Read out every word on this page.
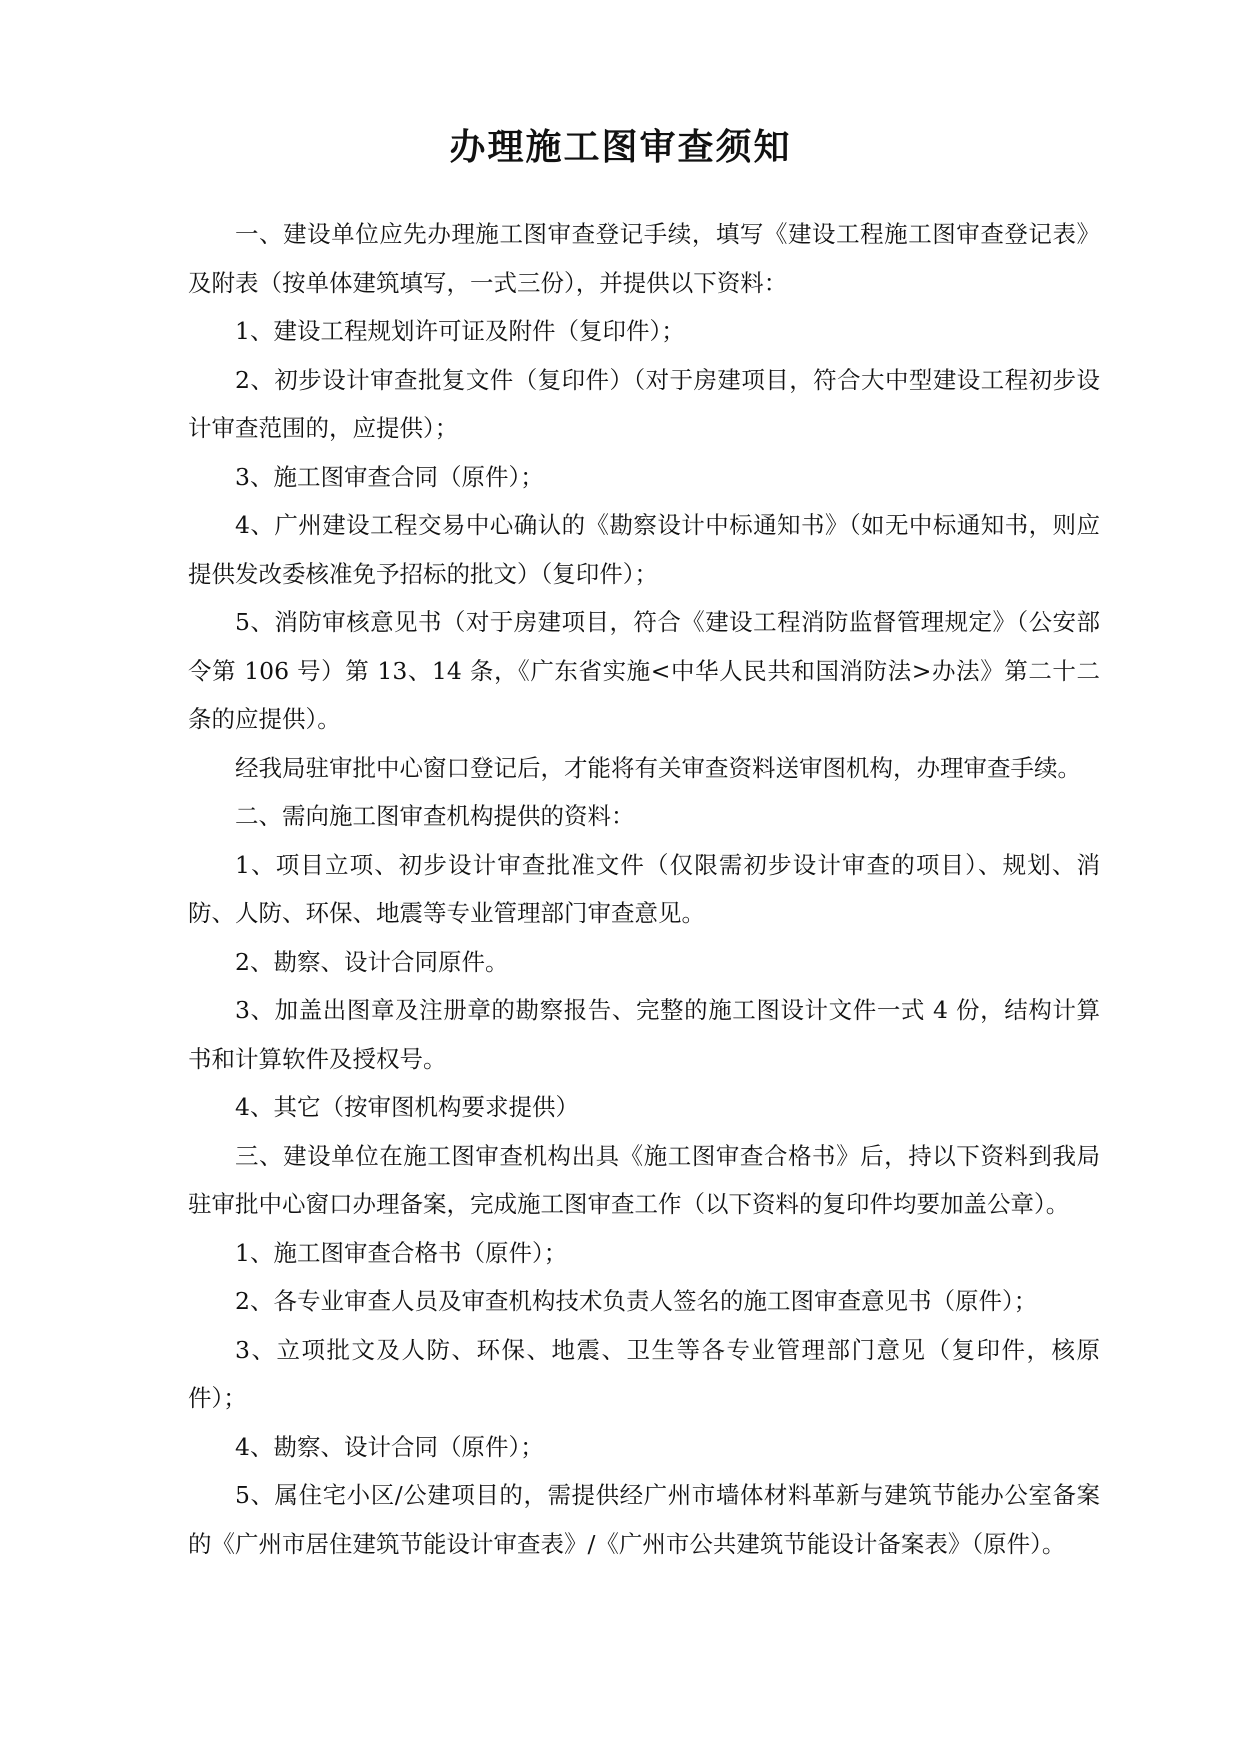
办理施工图审查须知

一、建设单位应先办理施工图审查登记手续，填写《建设工程施工图审查登记表》及附表（按单体建筑填写，一式三份），并提供以下资料：

1、建设工程规划许可证及附件（复印件）；

2、初步设计审查批复文件（复印件）（对于房建项目，符合大中型建设工程初步设计审查范围的，应提供）；

3、施工图审查合同（原件）；

4、广州建设工程交易中心确认的《勘察设计中标通知书》（如无中标通知书，则应提供发改委核准免予招标的批文）（复印件）；

5、消防审核意见书（对于房建项目，符合《建设工程消防监督管理规定》（公安部令第 106 号）第 13、14 条，《广东省实施<中华人民共和国消防法>办法》第二十二条的应提供）。

经我局驻审批中心窗口登记后，才能将有关审查资料送审图机构，办理审查手续。

二、需向施工图审查机构提供的资料：

1、项目立项、初步设计审查批准文件（仅限需初步设计审查的项目）、规划、消防、人防、环保、地震等专业管理部门审查意见。

2、勘察、设计合同原件。

3、加盖出图章及注册章的勘察报告、完整的施工图设计文件一式 4 份，结构计算书和计算软件及授权号。

4、其它（按审图机构要求提供）

三、建设单位在施工图审查机构出具《施工图审查合格书》后，持以下资料到我局驻审批中心窗口办理备案，完成施工图审查工作（以下资料的复印件均要加盖公章）。

1、施工图审查合格书（原件）；

2、各专业审查人员及审查机构技术负责人签名的施工图审查意见书（原件）；

3、立项批文及人防、环保、地震、卫生等各专业管理部门意见（复印件，核原件）；

4、勘察、设计合同（原件）；

5、属住宅小区/公建项目的，需提供经广州市墙体材料革新与建筑节能办公室备案的《广州市居住建筑节能设计审查表》/《广州市公共建筑节能设计备案表》（原件）。
